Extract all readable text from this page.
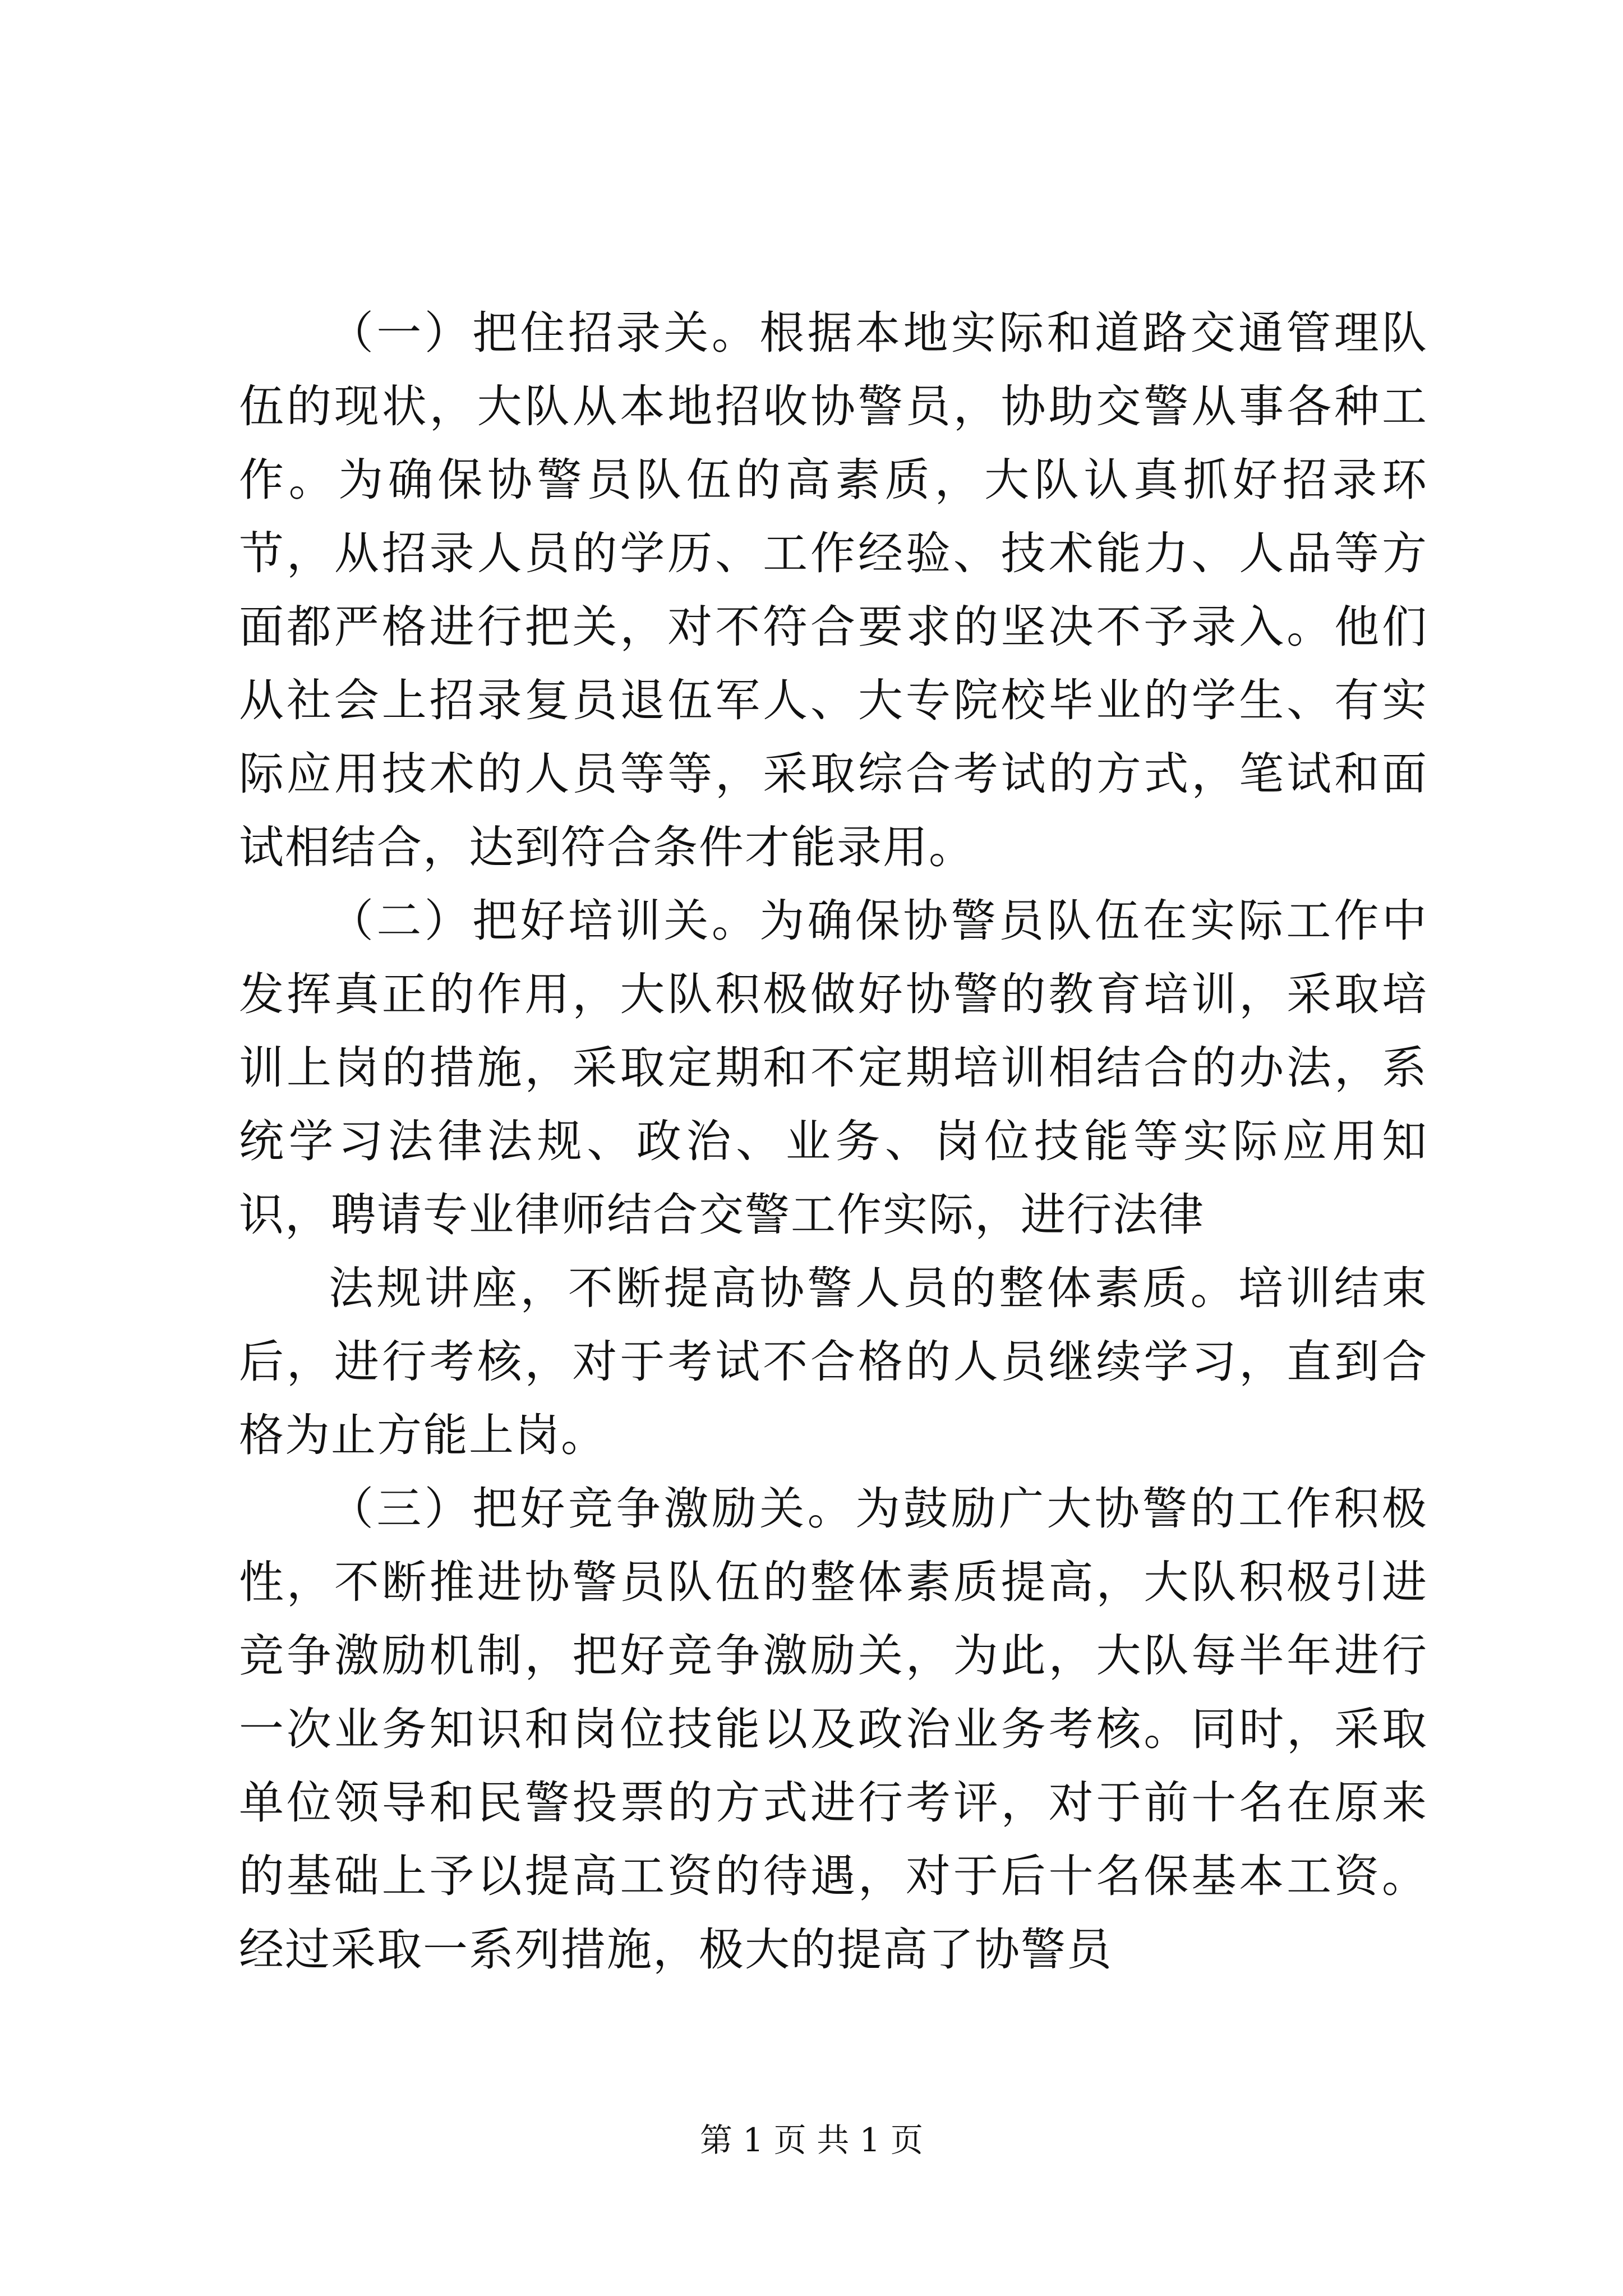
（一）把住招录关。根据本地实际和道路交通管理队伍的现状，大队从本地招收协警员，协助交警从事各种工作。为确保协警员队伍的高素质，大队认真抓好招录环节，从招录人员的学历、工作经验、技术能力、人品等方面都严格进行把关，对不符合要求的坚决不予录入。他们从社会上招录复员退伍军人、大专院校毕业的学生、有实际应用技术的人员等等，采取综合考试的方式，笔试和面试相结合，达到符合条件才能录用。

（二）把好培训关。为确保协警员队伍在实际工作中发挥真正的作用，大队积极做好协警的教育培训，采取培训上岗的措施，采取定期和不定期培训相结合的办法，系统学习法律法规、政治、业务、岗位技能等实际应用知识，聘请专业律师结合交警工作实际，进行法律

法规讲座，不断提高协警人员的整体素质。培训结束后，进行考核，对于考试不合格的人员继续学习，直到合格为止方能上岗。

（三）把好竞争激励关。为鼓励广大协警的工作积极性，不断推进协警员队伍的整体素质提高，大队积极引进竞争激励机制，把好竞争激励关，为此，大队每半年进行一次业务知识和岗位技能以及政治业务考核。同时，采取单位领导和民警投票的方式进行考评，对于前十名在原来的基础上予以提高工资的待遇，对于后十名保基本工资。经过采取一系列措施，极大的提高了协警员

第 1 页 共 1 页
